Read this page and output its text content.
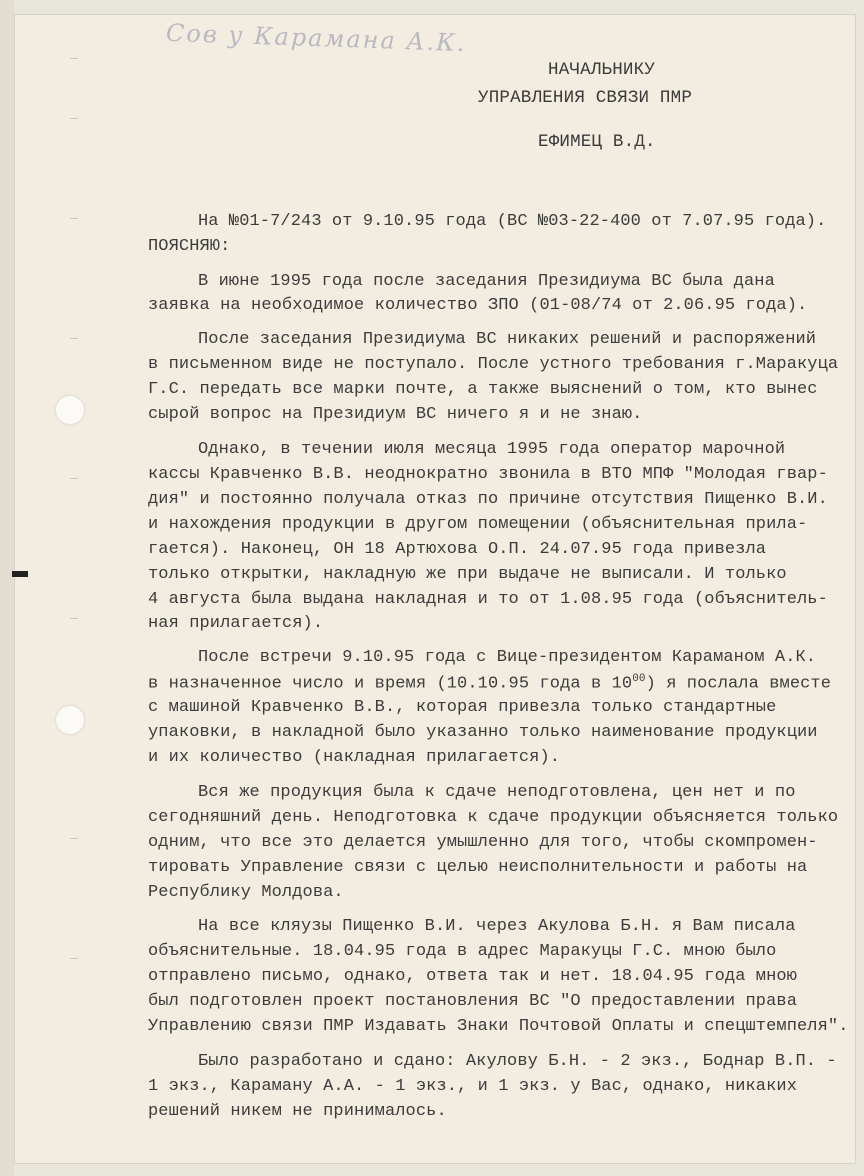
Сов у Карамана А.К.
НАЧАЛЬНИКУ
УПРАВЛЕНИЯ СВЯЗИ ПМР
ЕФИМЕЦ В.Д.
На №01-7/243 от 9.10.95 года (ВС №03-22-400 от 7.07.95 года).
ПОЯСНЯЮ:
В июне 1995 года после заседания Президиума ВС была дана
заявка на необходимое количество ЗПО (01-08/74 от 2.06.95 года).
После заседания Президиума ВС никаких решений и распоряжений
в письменном виде не поступало. После устного требования г.Маракуца
Г.С. передать все марки почте, а также выяснений о том, кто вынес
сырой вопрос на Президиум ВС ничего я и не знаю.
Однако, в течении июля месяца 1995 года оператор марочной
кассы Кравченко В.В. неоднократно звонила в ВТО МПФ "Молодая гвар-
дия" и постоянно получала отказ по причине отсутствия Пищенко В.И.
и нахождения продукции в другом помещении (объяснительная прила-
гается). Наконец, ОН 18 Артюхова О.П. 24.07.95 года привезла
только открытки, накладную же при выдаче не выписали. И только
4 августа была выдана накладная и то от 1.08.95 года (объяснитель-
ная прилагается).
После встречи 9.10.95 года с Вице-президентом Караманом А.К.
в назначенное число и время (10.10.95 года в $10^{00}$) я послала вместе
с машиной Кравченко В.В., которая привезла только стандартные
упаковки, в накладной было указанно только наименование продукции
и их количество (накладная прилагается).
Вся же продукция была к сдаче неподготовлена, цен нет и по
сегодняшний день. Неподготовка к сдаче продукции объясняется только
одним, что все это делается умышленно для того, чтобы скомпромен-
тировать Управление связи с целью неисполнительности и работы на
Республику Молдова.
На все кляузы Пищенко В.И. через Акулова Б.Н. я Вам писала
объяснительные. 18.04.95 года в адрес Маракуцы Г.С. мною было
отправлено письмо, однако, ответа так и нет. 18.04.95 года мною
был подготовлен проект постановления ВС "О предоставлении права
Управлению связи ПМР Издавать Знаки Почтовой Оплаты и спецштемпеля".
Было разработано и сдано: Акулову Б.Н. - 2 экз., Боднар В.П. -
1 экз., Караману А.А. - 1 экз., и 1 экз. у Вас, однако, никаких
решений никем не принималось.
